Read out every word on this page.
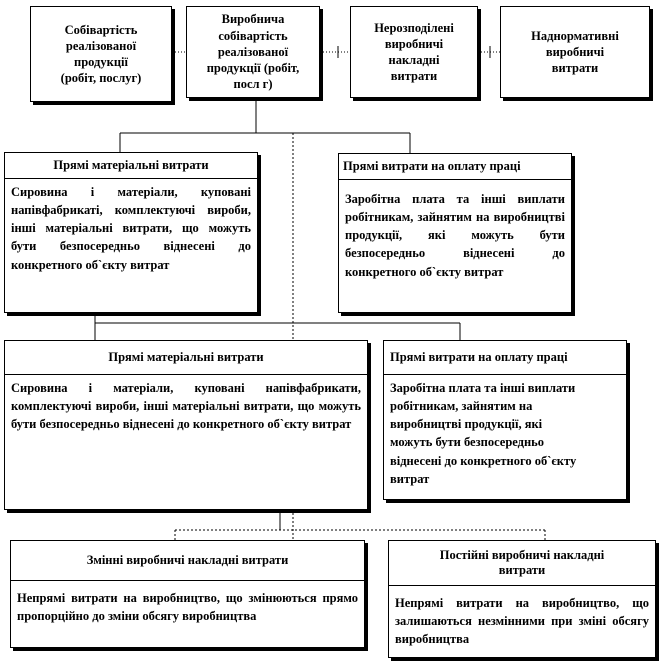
Собівартість
реалізованої
продукції
(робіт, послуг)
Виробнича
собівартість
реалізованої
продукції (робіт,
посл г)
Нерозподілені
виробничі
накладні
витрати
Наднормативні
виробничі
витрати
Прямі матеріальні витрати
Сировина і матеріали, куповані напівфабрикаті, комплектуючі вироби, інші матеріальні витрати, що можуть бути безпосередньо віднесені до конкретного об`єкту витрат
Прямі витрати на оплату праці
Заробітна плата та інші виплати робітникам, зайнятим на виробництві продукції, які можуть бути безпосередньо віднесені до конкретного об`єкту витрат
Прямі матеріальні витрати
Сировина і матеріали, куповані напівфабрикати, комплектуючі вироби, інші матеріальні витрати, що можуть бути безпосередньо віднесені до конкретного об`єкту витрат
Прямі витрати на оплату праці
Заробітна плата та інші виплати робітникам, зайнятим на виробництві продукції, які можуть бути безпосередньо віднесені до конкретного об`єкту витрат
Змінні виробничі накладні витрати
Непрямі витрати на виробництво, що змінюються прямо пропорційно до зміни обсягу виробництва
Постійні виробничі накладні витрати
Непрямі витрати на виробництво, що залишаються незмінними при зміні обсягу виробництва
